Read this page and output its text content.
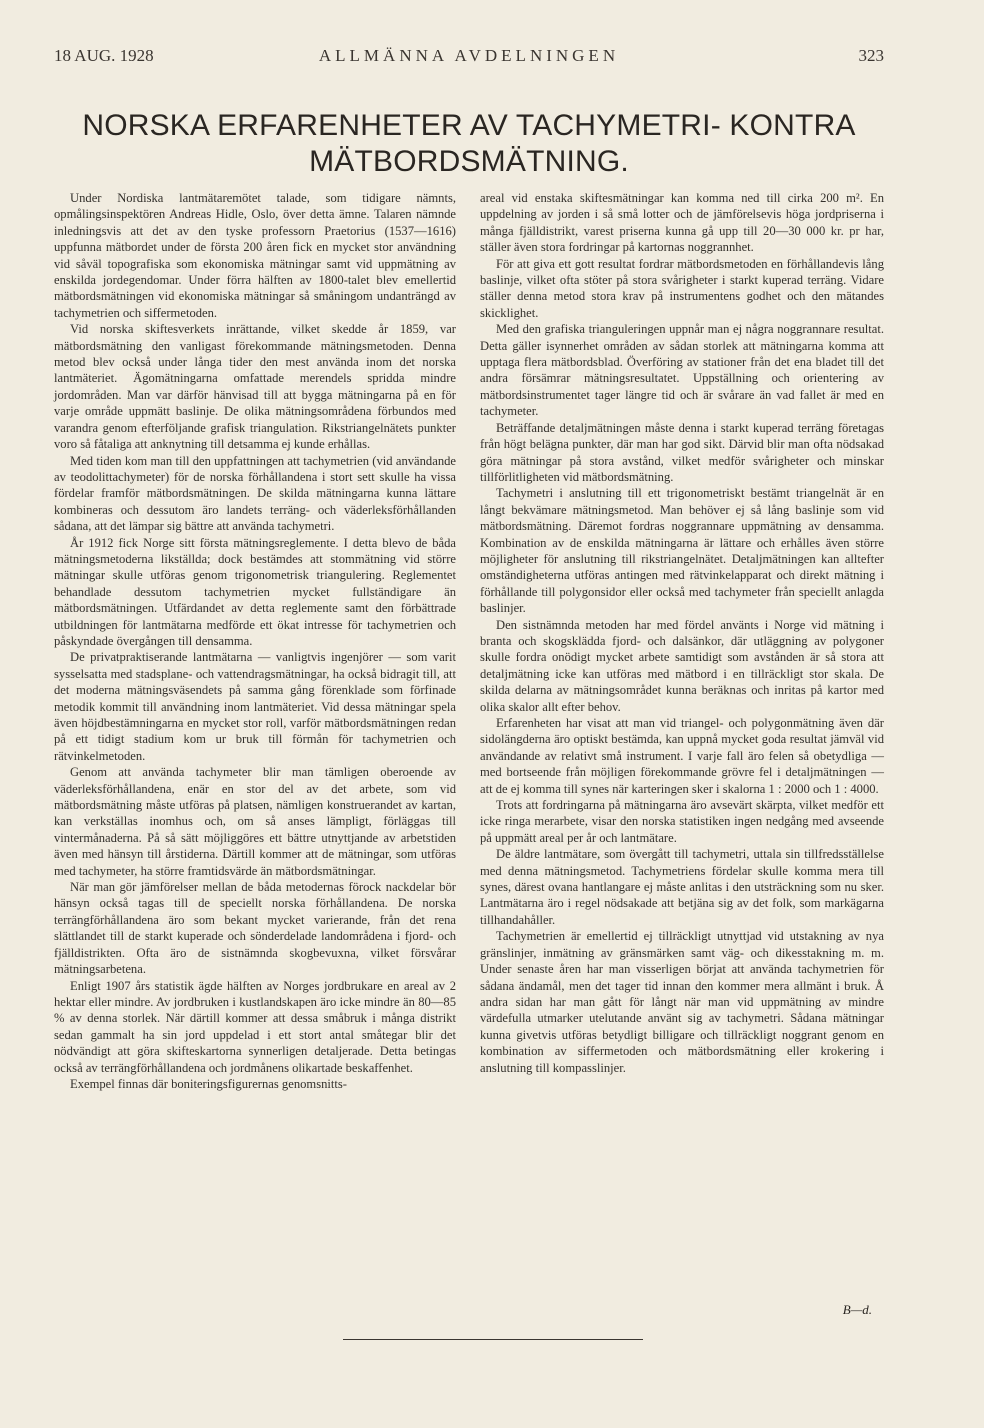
18 AUG. 1928	ALLMÄNNA AVDELNINGEN	323
NORSKA ERFARENHETER AV TACHYMETRI- KONTRA
MÄTBORDSMÄTNING.

Under Nordiska lantmätaremötet talade, som tidigare nämnts, opmålingsinspektören Andreas Hidle, Oslo, över detta ämne. Talaren nämnde inledningsvis att det av den tyske professorn Praetorius (1537—1616) uppfunna mätbordet under de första 200 åren fick en mycket stor användning vid såväl topografiska som ekonomiska mätningar samt vid uppmätning av enskilda jordegendomar. Under förra hälften av 1800-talet blev emellertid mätbordsmätningen vid ekonomiska mätningar så småningom undanträngd av tachymetrien och siffermetoden.

Vid norska skiftesverkets inrättande, vilket skedde år 1859, var mätbordsmätning den vanligast förekommande mätningsmetoden. Denna metod blev också under långa tider den mest använda inom det norska lantmäteriet. Ägomätningarna omfattade merendels spridda mindre jordområden. Man var därför hänvisad till att bygga mätningarna på en för varje område uppmätt baslinje. De olika mätningsområdena förbundos med varandra genom efterföljande grafisk triangulation. Rikstriangelnätets punkter voro så fåtaliga att anknytning till detsamma ej kunde erhållas.

Med tiden kom man till den uppfattningen att tachymetrien (vid användande av teodolittachymeter) för de norska förhållandena i stort sett skulle ha vissa fördelar framför mätbordsmätningen. De skilda mätningarna kunna lättare kombineras och dessutom äro landets terräng- och väderleksförhållanden sådana, att det lämpar sig bättre att använda tachymetri.

År 1912 fick Norge sitt första mätningsreglemente. I detta blevo de båda mätningsmetoderna likställda; dock bestämdes att stommätning vid större mätningar skulle utföras genom trigonometrisk triangulering. Reglementet behandlade dessutom tachymetrien mycket fullständigare än mätbordsmätningen. Utfärdandet av detta reglemente samt den förbättrade utbildningen för lantmätarna medförde ett ökat intresse för tachymetrien och påskyndade övergången till densamma.

De privatpraktiserande lantmätarna — vanligtvis ingenjörer — som varit sysselsatta med stadsplane- och vattendragsmätningar, ha också bidragit till, att det moderna mätningsväsendets på samma gång förenklade som förfinade metodik kommit till användning inom lantmäteriet. Vid dessa mätningar spela även höjdbestämningarna en mycket stor roll, varför mätbordsmätningen redan på ett tidigt stadium kom ur bruk till förmån för tachymetrien och rätvinkelmetoden.

Genom att använda tachymeter blir man tämligen oberoende av väderleksförhållandena, enär en stor del av det arbete, som vid mätbordsmätning måste utföras på platsen, nämligen konstruerandet av kartan, kan verkställas inomhus och, om så anses lämpligt, förläggas till vintermånaderna. På så sätt möjliggöres ett bättre utnyttjande av arbetstiden även med hänsyn till årstiderna. Därtill kommer att de mätningar, som utföras med tachymeter, ha större framtidsvärde än mätbordsmätningar.

När man gör jämförelser mellan de båda metodernas förock nackdelar bör hänsyn också tagas till de speciellt norska förhållandena. De norska terrängförhållandena äro som bekant mycket varierande, från det rena slättlandet till de starkt kuperade och sönderdelade landområdena i fjord- och fjälldistrikten. Ofta äro de sistnämnda skogbevuxna, vilket försvårar mätningsarbetena.

Enligt 1907 års statistik ägde hälften av Norges jordbrukare en areal av 2 hektar eller mindre. Av jordbruken i kustlandskapen äro icke mindre än 80—85 % av denna storlek. När därtill kommer att dessa småbruk i många distrikt sedan gammalt ha sin jord uppdelad i ett stort antal småtegar blir det nödvändigt att göra skifteskartorna synnerligen detaljerade. Detta betingas också av terrängförhållandena och jordmånens olikartade beskaffenhet.

Exempel finnas där boniteringsfigurernas genomsnitts-

areal vid enstaka skiftesmätningar kan komma ned till cirka 200 m². En uppdelning av jorden i så små lotter och de jämförelsevis höga jordpriserna i många fjälldistrikt, varest priserna kunna gå upp till 20—30 000 kr. pr har, ställer även stora fordringar på kartornas noggrannhet.

För att giva ett gott resultat fordrar mätbordsmetoden en förhållandevis lång baslinje, vilket ofta stöter på stora svårigheter i starkt kuperad terräng. Vidare ställer denna metod stora krav på instrumentens godhet och den mätandes skicklighet.

Med den grafiska trianguleringen uppnår man ej några noggrannare resultat. Detta gäller isynnerhet områden av sådan storlek att mätningarna komma att upptaga flera mätbordsblad. Överföring av stationer från det ena bladet till det andra försämrar mätningsresultatet. Uppställning och orientering av mätbordsinstrumentet tager längre tid och är svårare än vad fallet är med en tachymeter.

Beträffande detaljmätningen måste denna i starkt kuperad terräng företagas från högt belägna punkter, där man har god sikt. Därvid blir man ofta nödsakad göra mätningar på stora avstånd, vilket medför svårigheter och minskar tillförlitligheten vid mätbordsmätning.

Tachymetri i anslutning till ett trigonometriskt bestämt triangelnät är en långt bekvämare mätningsmetod. Man behöver ej så lång baslinje som vid mätbordsmätning. Däremot fordras noggrannare uppmätning av densamma. Kombination av de enskilda mätningarna är lättare och erhålles även större möjligheter för anslutning till rikstriangelnätet. Detaljmätningen kan alltefter omständigheterna utföras antingen med rätvinkelapparat och direkt mätning i förhållande till polygonsidor eller också med tachymeter från speciellt anlagda baslinjer.

Den sistnämnda metoden har med fördel använts i Norge vid mätning i branta och skogsklädda fjord- och dalsänkor, där utläggning av polygoner skulle fordra onödigt mycket arbete samtidigt som avstånden är så stora att detaljmätning icke kan utföras med mätbord i en tillräckligt stor skala. De skilda delarna av mätningsområdet kunna beräknas och inritas på kartor med olika skalor allt efter behov.

Erfarenheten har visat att man vid triangel- och polygonmätning även där sidolängderna äro optiskt bestämda, kan uppnå mycket goda resultat jämväl vid användande av relativt små instrument. I varje fall äro felen så obetydliga — med bortseende från möjligen förekommande grövre fel i detaljmätningen — att de ej komma till synes när karteringen sker i skalorna 1 : 2000 och 1 : 4000.

Trots att fordringarna på mätningarna äro avsevärt skärpta, vilket medför ett icke ringa merarbete, visar den norska statistiken ingen nedgång med avseende på uppmätt areal per år och lantmätare.

De äldre lantmätare, som övergått till tachymetri, uttala sin tillfredsställelse med denna mätningsmetod. Tachymetriens fördelar skulle komma mera till synes, därest ovana hantlangare ej måste anlitas i den utsträckning som nu sker. Lantmätarna äro i regel nödsakade att betjäna sig av det folk, som markägarna tillhandahåller.

Tachymetrien är emellertid ej tillräckligt utnyttjad vid utstakning av nya gränslinjer, inmätning av gränsmärken samt väg- och dikesstakning m. m. Under senaste åren har man visserligen börjat att använda tachymetrien för sådana ändamål, men det tager tid innan den kommer mera allmänt i bruk. Å andra sidan har man gått för långt när man vid uppmätning av mindre värdefulla utmarker utelutande använt sig av tachymetri. Sådana mätningar kunna givetvis utföras betydligt billigare och tillräckligt noggrant genom en kombination av siffermetoden och mätbordsmätning eller krokering i anslutning till kompasslinjer.

B—d.
